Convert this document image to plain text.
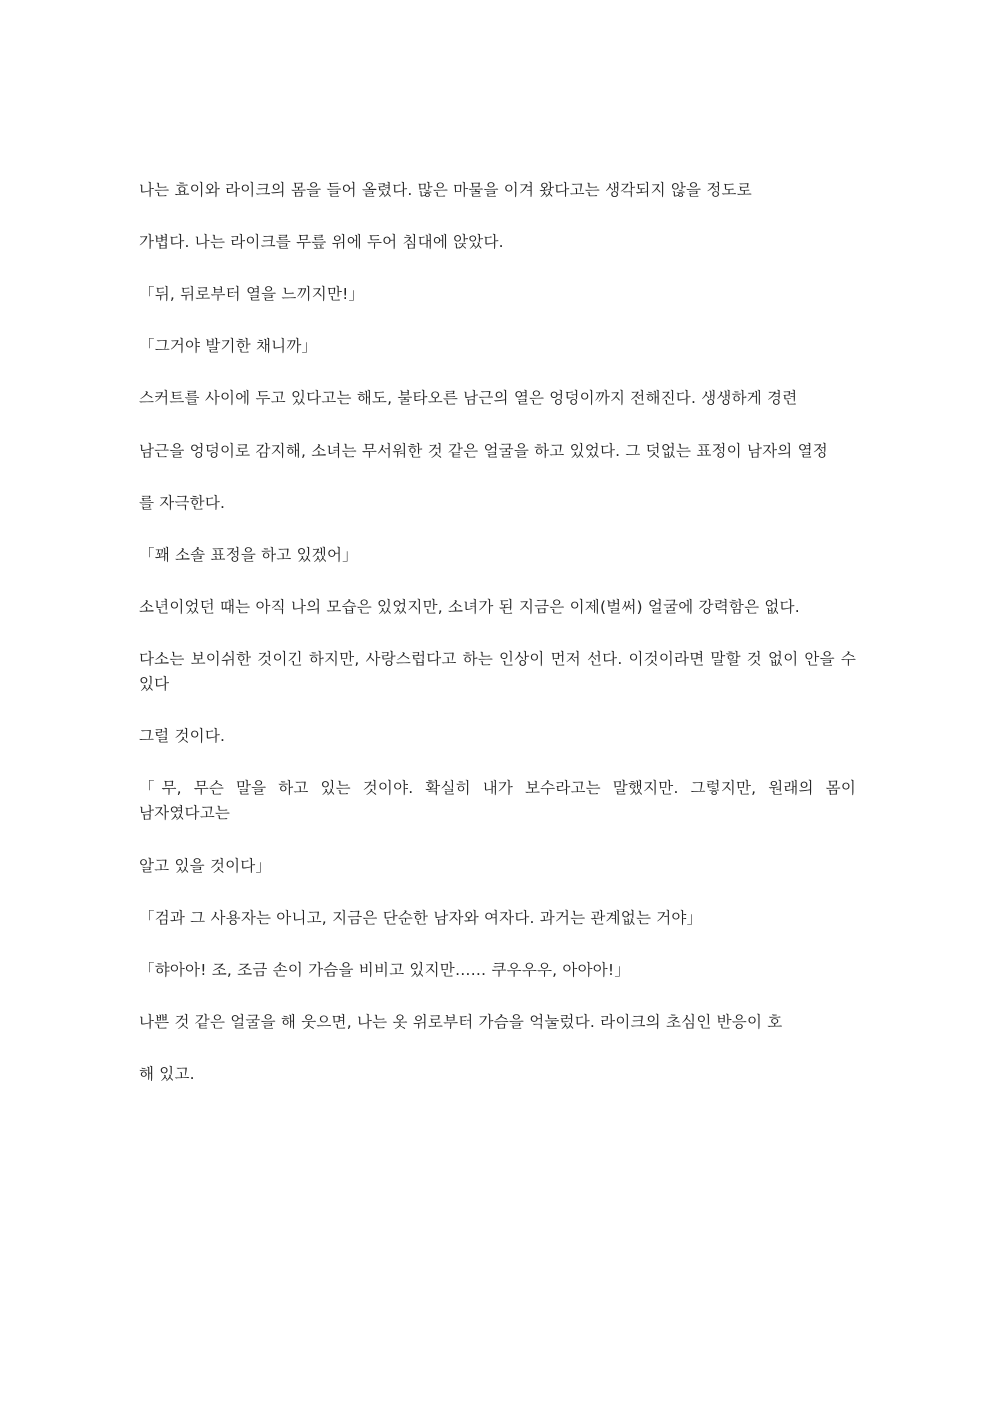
나는 효이와 라이크의 몸을 들어 올렸다. 많은 마물을 이겨 왔다고는 생각되지 않을 정도로

가볍다. 나는 라이크를 무릎 위에 두어 침대에 앉았다.

「뒤, 뒤로부터 열을 느끼지만!」

「그거야 발기한 채니까」

스커트를 사이에 두고 있다고는 해도, 불타오른 남근의 열은 엉덩이까지 전해진다. 생생하게 경련

남근을 엉덩이로 감지해, 소녀는 무서워한 것 같은 얼굴을 하고 있었다. 그 덧없는 표정이 남자의 열정

를 자극한다.

「꽤 소솔 표정을 하고 있겠어」

소년이었던 때는 아직 나의 모습은 있었지만, 소녀가 된 지금은 이제(벌써) 얼굴에 강력함은 없다.

다소는 보이쉬한 것이긴 하지만, 사랑스럽다고 하는 인상이 먼저 선다. 이것이라면 말할 것 없이 안을 수 있다

그럴 것이다.

「무, 무슨 말을 하고 있는 것이야. 확실히 내가 보수라고는 말했지만. 그렇지만, 원래의 몸이 남자였다고는

알고 있을 것이다」

「검과 그 사용자는 아니고, 지금은 단순한 남자와 여자다. 과거는 관계없는 거야」

「햐아아! 조, 조금 손이 가슴을 비비고 있지만…… 쿠우우우, 아아아!」

나쁜 것 같은 얼굴을 해 웃으면, 나는 옷 위로부터 가슴을 억눌렀다. 라이크의 초심인 반응이 호

해 있고.
